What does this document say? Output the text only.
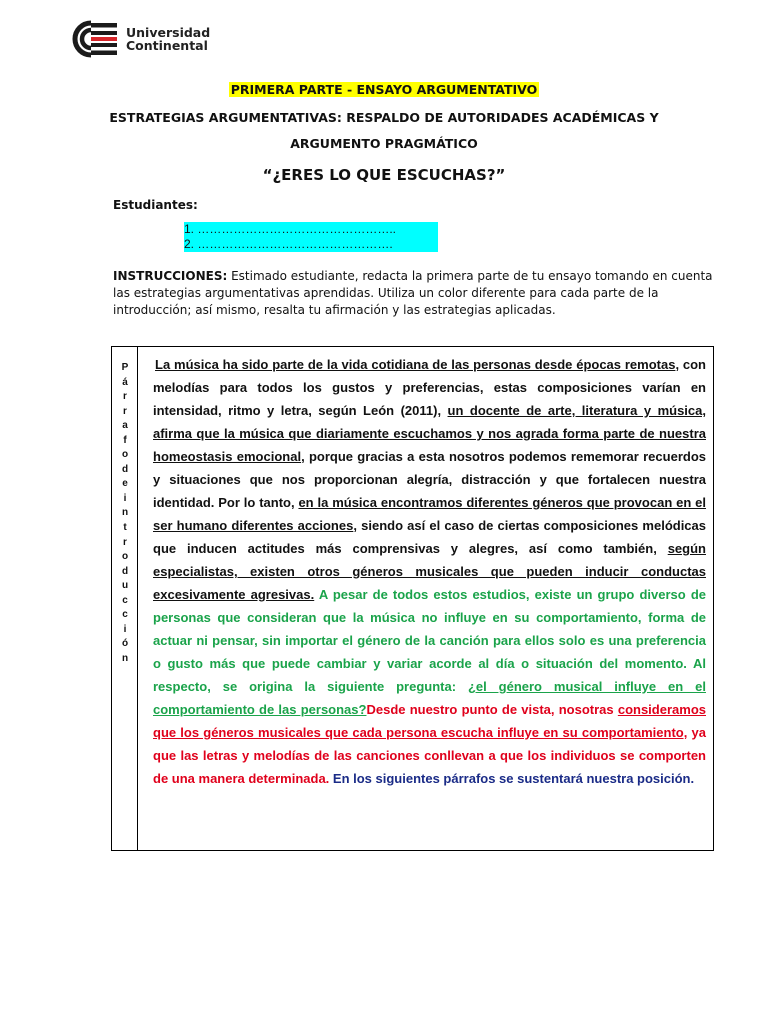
Universidad
Continental
PRIMERA PARTE - ENSAYO ARGUMENTATIVO
ESTRATEGIAS ARGUMENTATIVAS: RESPALDO DE AUTORIDADES ACADÉMICAS Y
ARGUMENTO PRAGMÁTICO
“¿ERES LO QUE ESCUCHAS?”
Estudiantes:
1. …………………………………………..
2. ………………………………………….
INSTRUCCIONES: Estimado estudiante, redacta la primera parte de tu ensayo tomando en cuenta las estrategias argumentativas aprendidas. Utiliza un color diferente para cada parte de la introducción; así mismo, resalta tu afirmación y las estrategias aplicadas.
P
á
r
r
a
f
o
d
e
i
n
t
r
o
d
u
c
c
i
ó
n
La música ha sido parte de la vida cotidiana de las personas desde épocas remotas, con melodías para todos los gustos y preferencias, estas composiciones varían en intensidad, ritmo y letra, según León (2011), un docente de arte, literatura y música, afirma que la música que diariamente escuchamos y nos agrada forma parte de nuestra homeostasis emocional, porque gracias a esta nosotros podemos rememorar recuerdos y situaciones que nos proporcionan alegría, distracción y que fortalecen nuestra identidad. Por lo tanto, en la música encontramos diferentes géneros que provocan en el ser humano diferentes acciones, siendo así el caso de ciertas composiciones melódicas que inducen actitudes más comprensivas y alegres, así como también, según especialistas, existen otros géneros musicales que pueden inducir conductas excesivamente agresivas. A pesar de todos estos estudios, existe un grupo diverso de personas que consideran que la música no influye en su comportamiento, forma de actuar ni pensar, sin importar el género de la canción para ellos solo es una preferencia o gusto más que puede cambiar y variar acorde al día o situación del momento. Al respecto, se origina la siguiente pregunta: ¿el género musical influye en el comportamiento de las personas?Desde nuestro punto de vista, nosotras consideramos que los géneros musicales que cada persona escucha influye en su comportamiento, ya que las letras y melodías de las canciones conllevan a que los individuos se comporten de una manera determinada. En los siguientes párrafos se sustentará nuestra posición.
